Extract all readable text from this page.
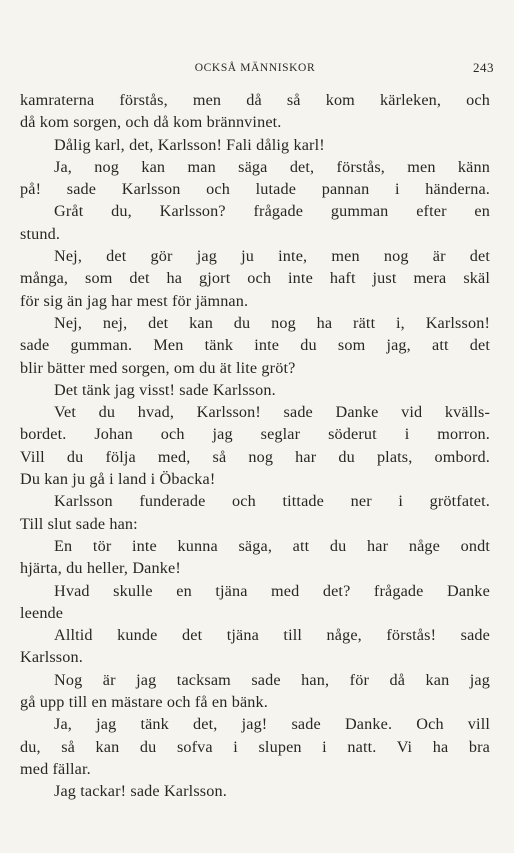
OCKSÅ MÄNNISKOR	243
kamraterna förstås, men då så kom kärleken, och
då kom sorgen, och då kom brännvinet.
Dålig karl, det, Karlsson! Fali dålig karl!
Ja, nog kan man säga det, förstås, men känn
på! sade Karlsson och lutade pannan i händerna.
Gråt du, Karlsson? frågade gumman efter en
stund.
Nej, det gör jag ju inte, men nog är det
många, som det ha gjort och inte haft just mera skäl
för sig än jag har mest för jämnan.
Nej, nej, det kan du nog ha rätt i, Karlsson!
sade gumman. Men tänk inte du som jag, att det
blir bätter med sorgen, om du ät lite gröt?
Det tänk jag visst! sade Karlsson.
Vet du hvad, Karlsson! sade Danke vid kvälls-
bordet. Johan och jag seglar söderut i morron.
Vill du följa med, så nog har du plats, ombord.
Du kan ju gå i land i Öbacka!
Karlsson funderade och tittade ner i grötfatet.
Till slut sade han:
En tör inte kunna säga, att du har någe ondt
hjärta, du heller, Danke!
Hvad skulle en tjäna med det? frågade Danke
leende
Alltid kunde det tjäna till någe, förstås! sade
Karlsson.
Nog är jag tacksam sade han, för då kan jag
gå upp till en mästare och få en bänk.
Ja, jag tänk det, jag! sade Danke. Och vill
du, så kan du sofva i slupen i natt. Vi ha bra
med fällar.
Jag tackar! sade Karlsson.
